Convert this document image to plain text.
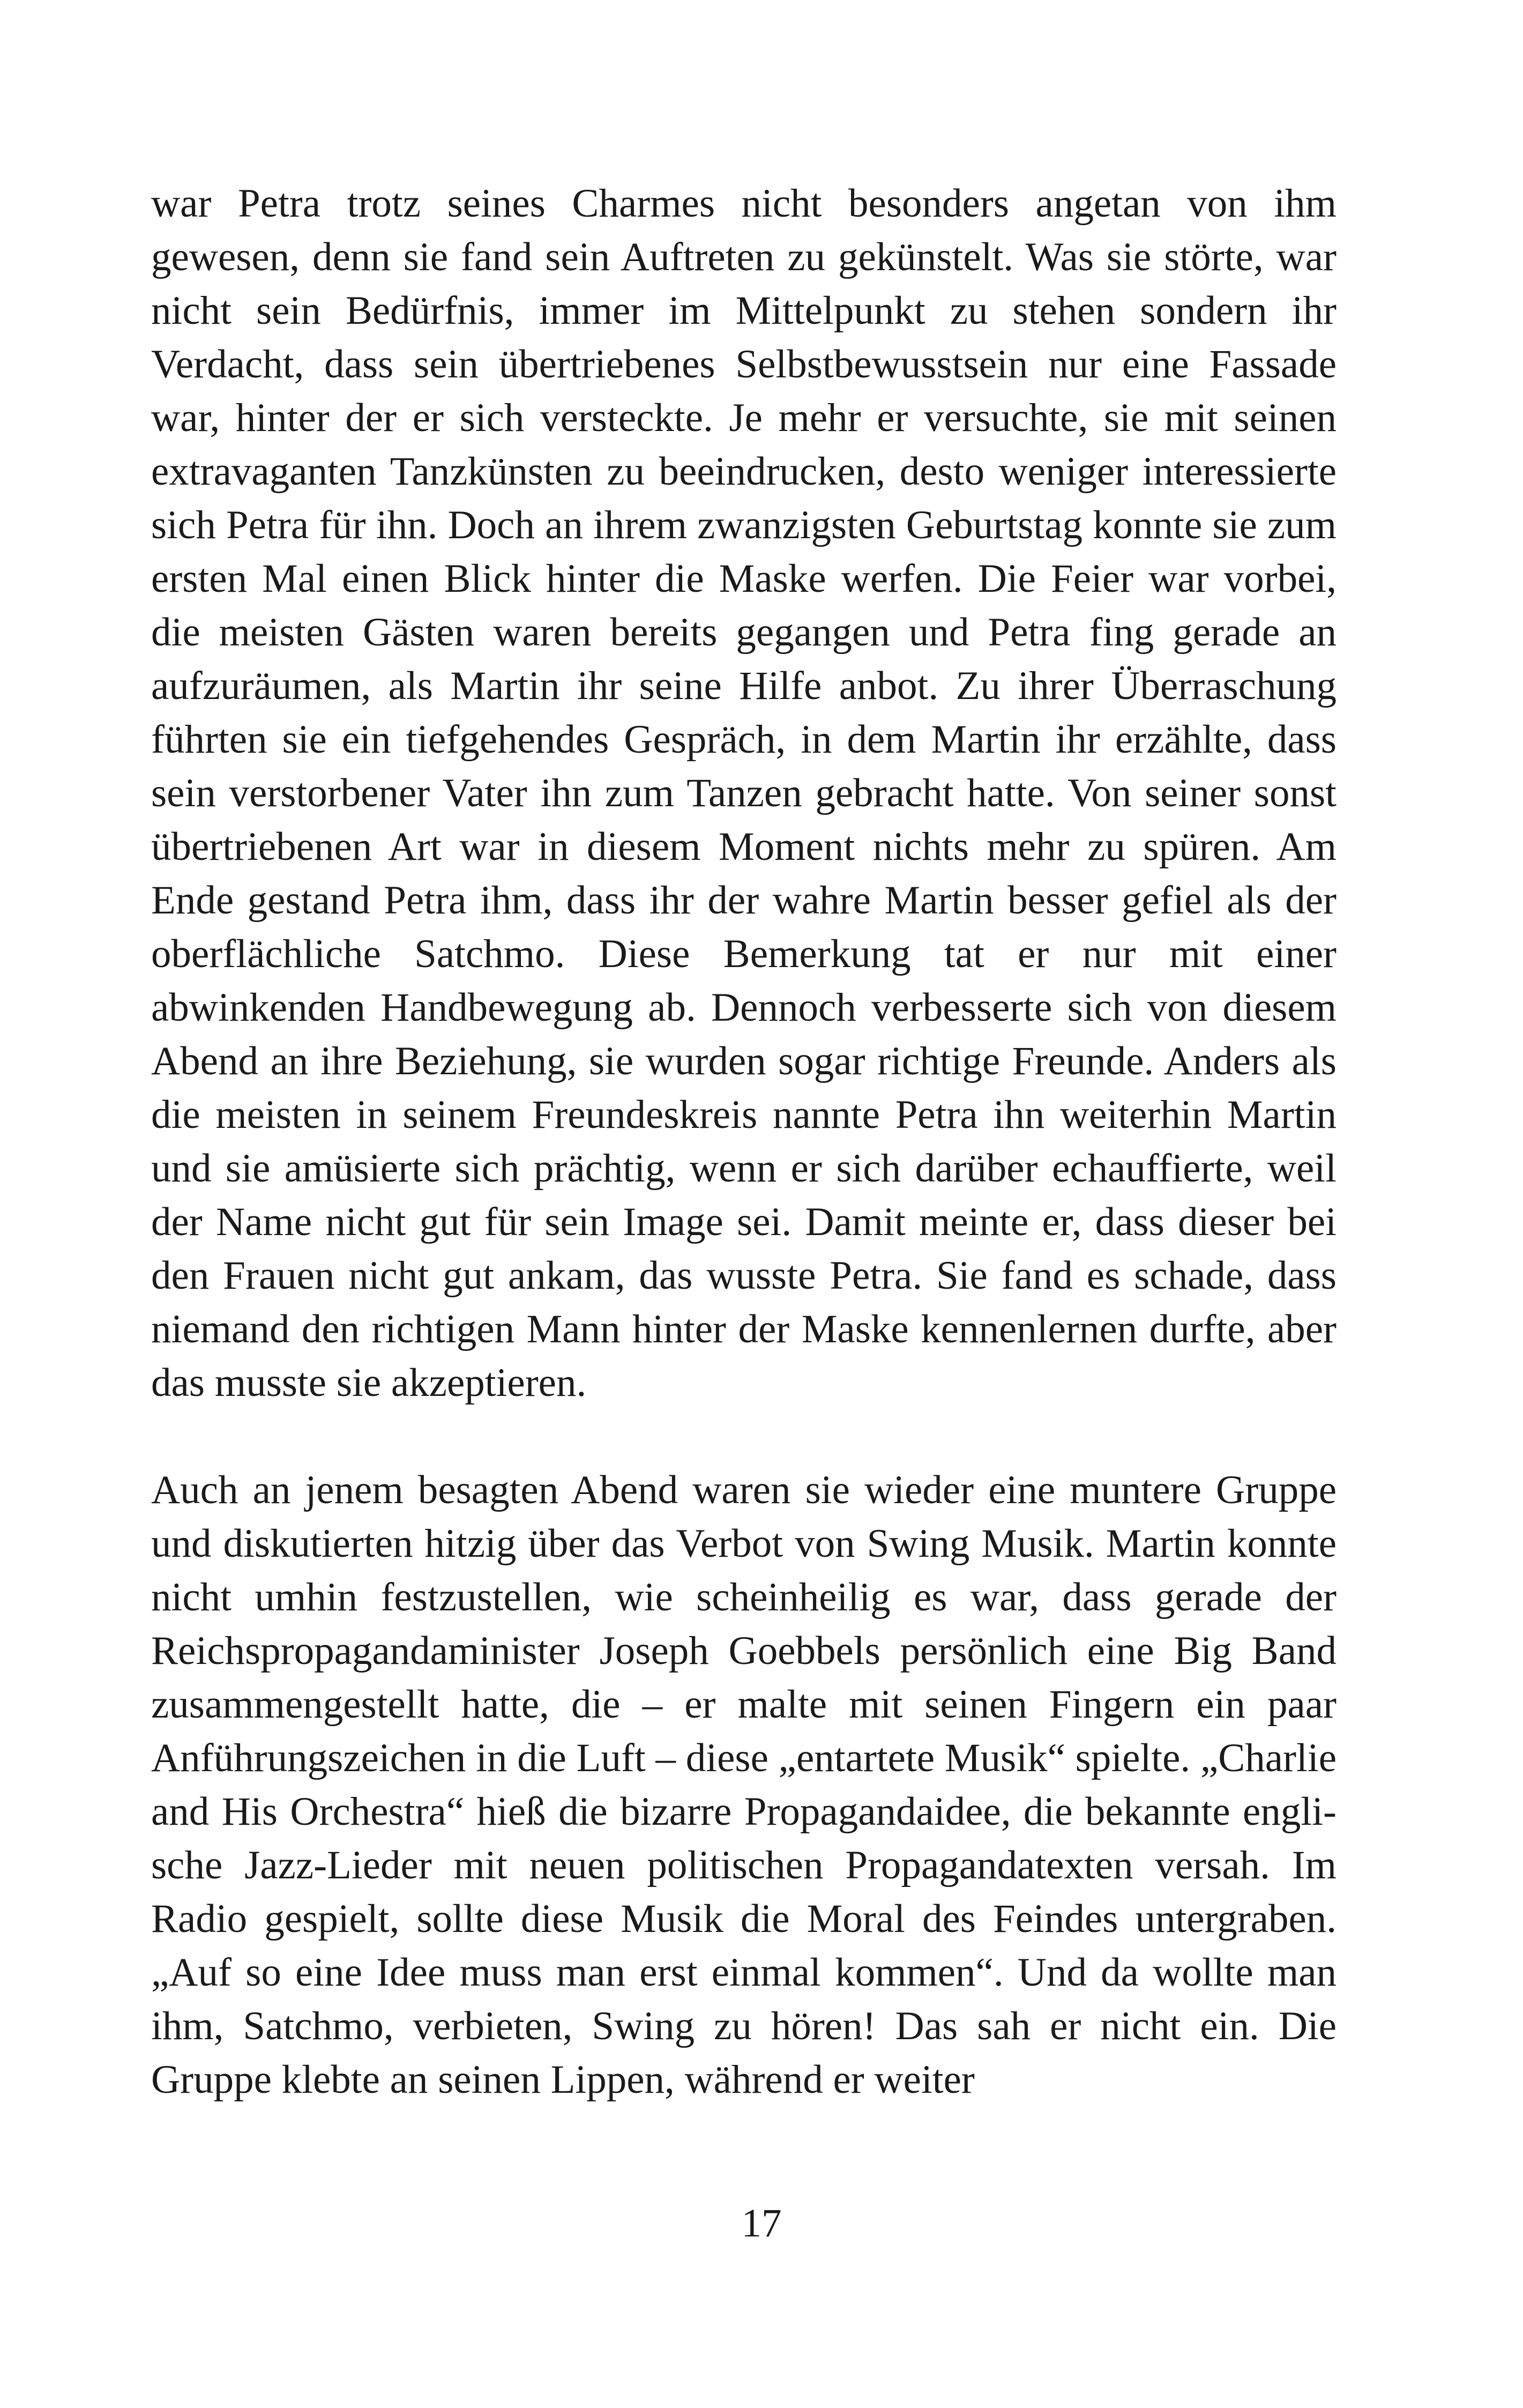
war Petra trotz seines Charmes nicht besonders angetan von ihm gewesen, denn sie fand sein Auftreten zu gekünstelt. Was sie störte, war nicht sein Bedürfnis, immer im Mittelpunkt zu stehen sondern ihr Verdacht, dass sein übertriebenes Selbstbewusstsein nur eine Fassade war, hinter der er sich versteckte. Je mehr er versuchte, sie mit seinen extravaganten Tanzkünsten zu beeindrucken, desto weniger interessierte sich Petra für ihn. Doch an ihrem zwanzigsten Geburtstag konnte sie zum ersten Mal einen Blick hinter die Maske werfen. Die Feier war vorbei, die meisten Gästen waren bereits gegangen und Petra fing gerade an aufzuräumen, als Martin ihr seine Hilfe anbot. Zu ihrer Überraschung führten sie ein tiefgehendes Gespräch, in dem Martin ihr erzählte, dass sein verstorbener Vater ihn zum Tanzen gebracht hatte. Von seiner sonst übertriebenen Art war in diesem Moment nichts mehr zu spüren. Am Ende gestand Petra ihm, dass ihr der wahre Martin besser gefiel als der oberflächliche Satchmo. Diese Bemerkung tat er nur mit einer abwinkenden Handbewegung ab. Dennoch verbesserte sich von diesem Abend an ihre Beziehung, sie wurden sogar richtige Freunde. Anders als die meisten in seinem Freundeskreis nannte Petra ihn weiterhin Martin und sie amüsierte sich prächtig, wenn er sich darüber echauffierte, weil der Name nicht gut für sein Image sei. Damit meinte er, dass dieser bei den Frauen nicht gut ankam, das wusste Petra. Sie fand es schade, dass niemand den richtigen Mann hinter der Maske kennenlernen durfte, aber das musste sie akzeptieren.

Auch an jenem besagten Abend waren sie wieder eine muntere Gruppe und diskutierten hitzig über das Verbot von Swing Musik. Martin konnte nicht umhin festzustellen, wie scheinheilig es war, dass gerade der Reichspropagandaminister Joseph Goebbels persönlich eine Big Band zusammengestellt hatte, die – er malte mit seinen Fingern ein paar Anführungszeichen in die Luft – diese „entartete Musik“ spielte. „Charlie and His Orchestra“ hieß die bizarre Propagandaidee, die bekannte englische Jazz-Lieder mit neuen politischen Propagandatexten versah. Im Radio gespielt, sollte diese Musik die Moral des Feindes untergraben. „Auf so eine Idee muss man erst einmal kommen“. Und da wollte man ihm, Satchmo, verbieten, Swing zu hören! Das sah er nicht ein. Die Gruppe klebte an seinen Lippen, während er weiter

17
